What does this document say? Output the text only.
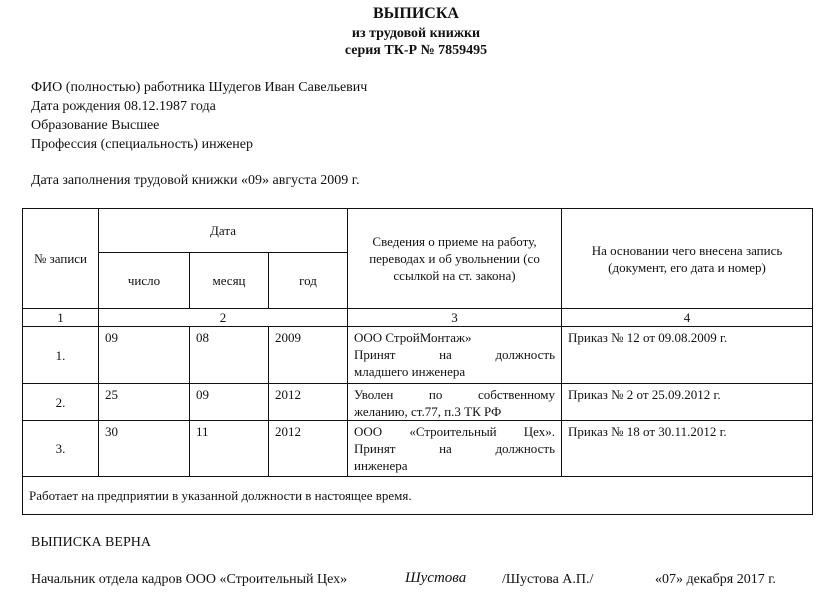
ВЫПИСКА
из трудовой книжки
серия ТК-Р № 7859495
ФИО (полностью) работника Шудегов Иван Савельевич
Дата рождения 08.12.1987 года
Образование Высшее
Профессия (специальность) инженер
Дата заполнения трудовой книжки «09» августа 2009 г.
№ записи	Дата			Сведения о приеме на работу, переводах и об увольнении (со ссылкой на ст. закона)	На основании чего внесена запись (документ, его дата и номер)
	число	месяц	год		
1	2			3	4
1.	09	08	2009	ООО СтройМонтаж»
Принят на должность
младшего инженера	Приказ № 12 от 09.08.2009 г.
2.	25	09	2012	Уволен по собственному
желанию, ст.77, п.3 ТК РФ	Приказ № 2 от 25.09.2012 г.
3.	30	11	2012	ООО «Строительный Цех».
Принят на должность
инженера	Приказ № 18 от 30.11.2012 г.
Работает на предприятии в указанной должности в настоящее время.					
ВЫПИСКА ВЕРНА
Начальник отдела кадров ООО «Строительный Цех»	Шустова	/Шустова А.П./	«07» декабря 2017 г.
